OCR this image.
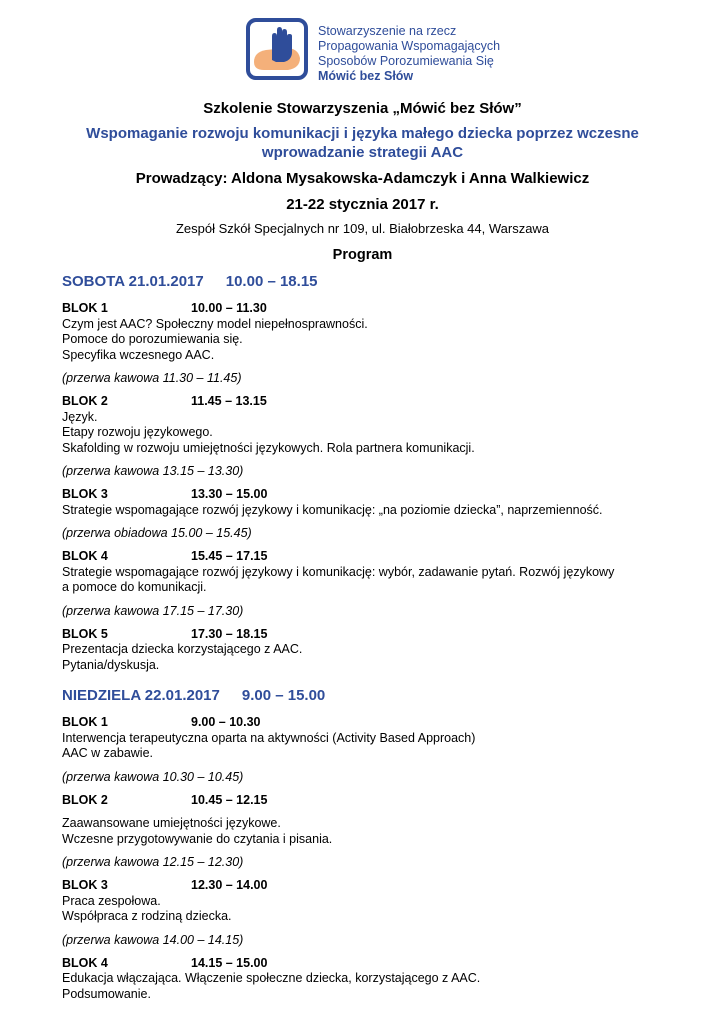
Stowarzyszenie na rzecz
Propagowania Wspomagających
Sposobów Porozumiewania Się
Mówić bez Słów
Szkolenie Stowarzyszenia „Mówić bez Słów”
Wspomaganie rozwoju komunikacji i języka małego dziecka poprzez wczesne
wprowadzanie strategii AAC
Prowadzący: Aldona Mysakowska-Adamczyk i Anna Walkiewicz
21-22 stycznia 2017 r.
Zespół Szkół Specjalnych nr 109, ul. Białobrzeska 44, Warszawa
Program
SOBOTA 21.01.2017 10.00 – 18.15
BLOK 1	10.00 – 11.30
Czym jest AAC? Społeczny model niepełnosprawności.
Pomoce do porozumiewania się.
Specyfika wczesnego AAC.
(przerwa kawowa 11.30 – 11.45)
BLOK 2	11.45 – 13.15
Język.
Etapy rozwoju językowego.
Skafolding w rozwoju umiejętności językowych. Rola partnera komunikacji.
(przerwa kawowa 13.15 – 13.30)
BLOK 3	13.30 – 15.00
Strategie wspomagające rozwój językowy i komunikację: „na poziomie dziecka”, naprzemienność.
(przerwa obiadowa 15.00 – 15.45)
BLOK 4	15.45 – 17.15
Strategie wspomagające rozwój językowy i komunikację: wybór, zadawanie pytań. Rozwój językowy
a pomoce do komunikacji.
(przerwa kawowa 17.15 – 17.30)
BLOK 5	17.30 – 18.15
Prezentacja dziecka korzystającego z AAC.
Pytania/dyskusja.
NIEDZIELA 22.01.2017 9.00 – 15.00
BLOK 1	9.00 – 10.30
Interwencja terapeutyczna oparta na aktywności (Activity Based Approach)
AAC w zabawie.
(przerwa kawowa 10.30 – 10.45)
BLOK 2	10.45 – 12.15
Zaawansowane umiejętności językowe.
Wczesne przygotowywanie do czytania i pisania.
(przerwa kawowa 12.15 – 12.30)
BLOK 3	12.30 – 14.00
Praca zespołowa.
Współpraca z rodziną dziecka.
(przerwa kawowa 14.00 – 14.15)
BLOK 4	14.15 – 15.00
Edukacja włączająca. Włączenie społeczne dziecka, korzystającego z AAC.
Podsumowanie.
